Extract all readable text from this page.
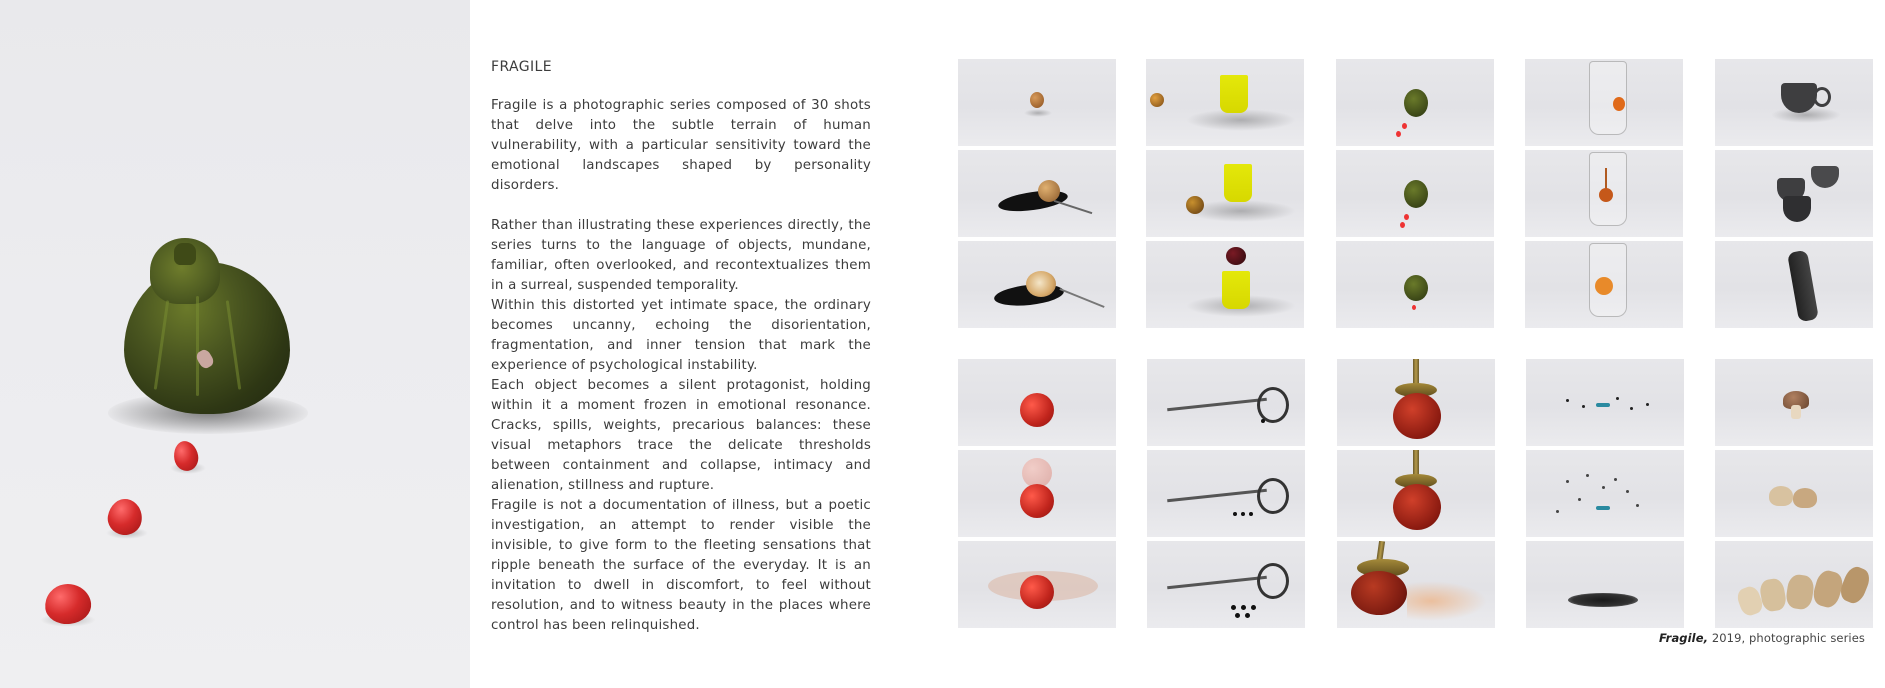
FRAGILE

Fragile is a photographic series composed of 30 shots that delve into the subtle terrain of human vulnerability, with a particular sensitivity toward the emotional landscapes shaped by personality disorders.

Rather than illustrating these experiences directly, the series turns to the language of objects, mundane, familiar, often overlooked, and recontextualizes them in a surreal, suspended temporality.

Within this distorted yet intimate space, the ordinary becomes uncanny, echoing the disorientation, fragmentation, and inner tension that mark the experience of psychological instability.

Each object becomes a silent protagonist, holding within it a moment frozen in emotional resonance. Cracks, spills, weights, precarious balances: these visual metaphors trace the delicate thresholds between containment and collapse, intimacy and alienation, stillness and rupture.

Fragile is not a documentation of illness, but a poetic investigation, an attempt to render visible the invisible, to give form to the fleeting sensations that ripple beneath the surface of the everyday. It is an invitation to dwell in discomfort, to feel without resolution, and to witness beauty in the places where control has been relinquished.

Fragile, 2019, photographic series
